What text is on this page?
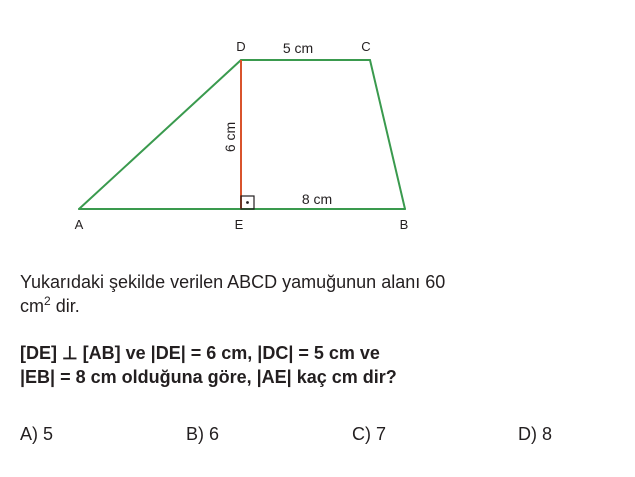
D	C
A	E	B
5 cm
8 cm
6 cm
Yukarıdaki şekilde verilen ABCD yamuğunun alanı 60
$cm^2$ dir.
[DE] ⊥ [AB] ve |DE| = 6 cm, |DC| = 5 cm ve
|EB| = 8 cm olduğuna göre, |AE| kaç cm dir?
A) 5	B) 6	C) 7	D) 8
